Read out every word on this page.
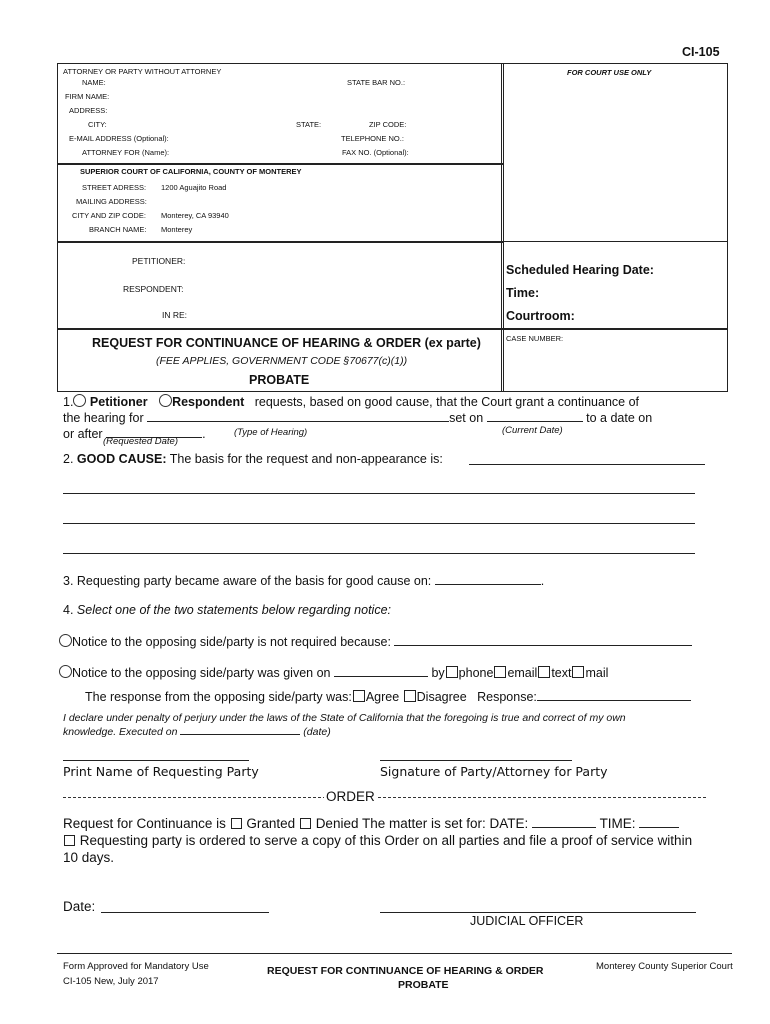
CI-105
ATTORNEY OR PARTY WITHOUT ATTORNEY
NAME:	STATE BAR NO.:
FIRM NAME:
ADDRESS:
CITY:	STATE:	ZIP CODE:
E-MAIL ADDRESS (Optional):	TELEPHONE NO.:
ATTORNEY FOR (Name):	FAX NO. (Optional):
FOR COURT USE ONLY
SUPERIOR COURT OF CALIFORNIA, COUNTY OF MONTEREY
STREET ADRESS: 1200 Aguajito Road
MAILING ADDRESS:
CITY AND ZIP CODE: Monterey, CA 93940
BRANCH NAME: Monterey
PETITIONER:
RESPONDENT:
IN RE:
Scheduled Hearing Date:
Time:
Courtroom:
REQUEST FOR CONTINUANCE OF HEARING & ORDER (ex parte)
(FEE APPLIES, GOVERNMENT CODE §70677(c)(1))
PROBATE
CASE NUMBER:
1. Petitioner Respondent requests, based on good cause, that the Court grant a continuance of
the hearing for	set on	to a date on
or after	.	(Type of Hearing)	(Current Date)
(Requested Date)
2. GOOD CAUSE: The basis for the request and non-appearance is:
3. Requesting party became aware of the basis for good cause on:	.
4. Select one of the two statements below regarding notice:
Notice to the opposing side/party is not required because:
Notice to the opposing side/party was given on	by phone email text mail
The response from the opposing side/party was: Agree Disagree Response:
I declare under penalty of perjury under the laws of the State of California that the foregoing is true and correct of my own
knowledge. Executed on	(date)
Print Name of Requesting Party	Signature of Party/Attorney for Party
ORDER
Request for Continuance is Granted Denied The matter is set for: DATE:	TIME:
Requesting party is ordered to serve a copy of this Order on all parties and file a proof of service within
10 days.
Date:
JUDICIAL OFFICER
Form Approved for Mandatory Use
CI-105 New, July 2017
REQUEST FOR CONTINUANCE OF HEARING & ORDER
PROBATE
Monterey County Superior Court
